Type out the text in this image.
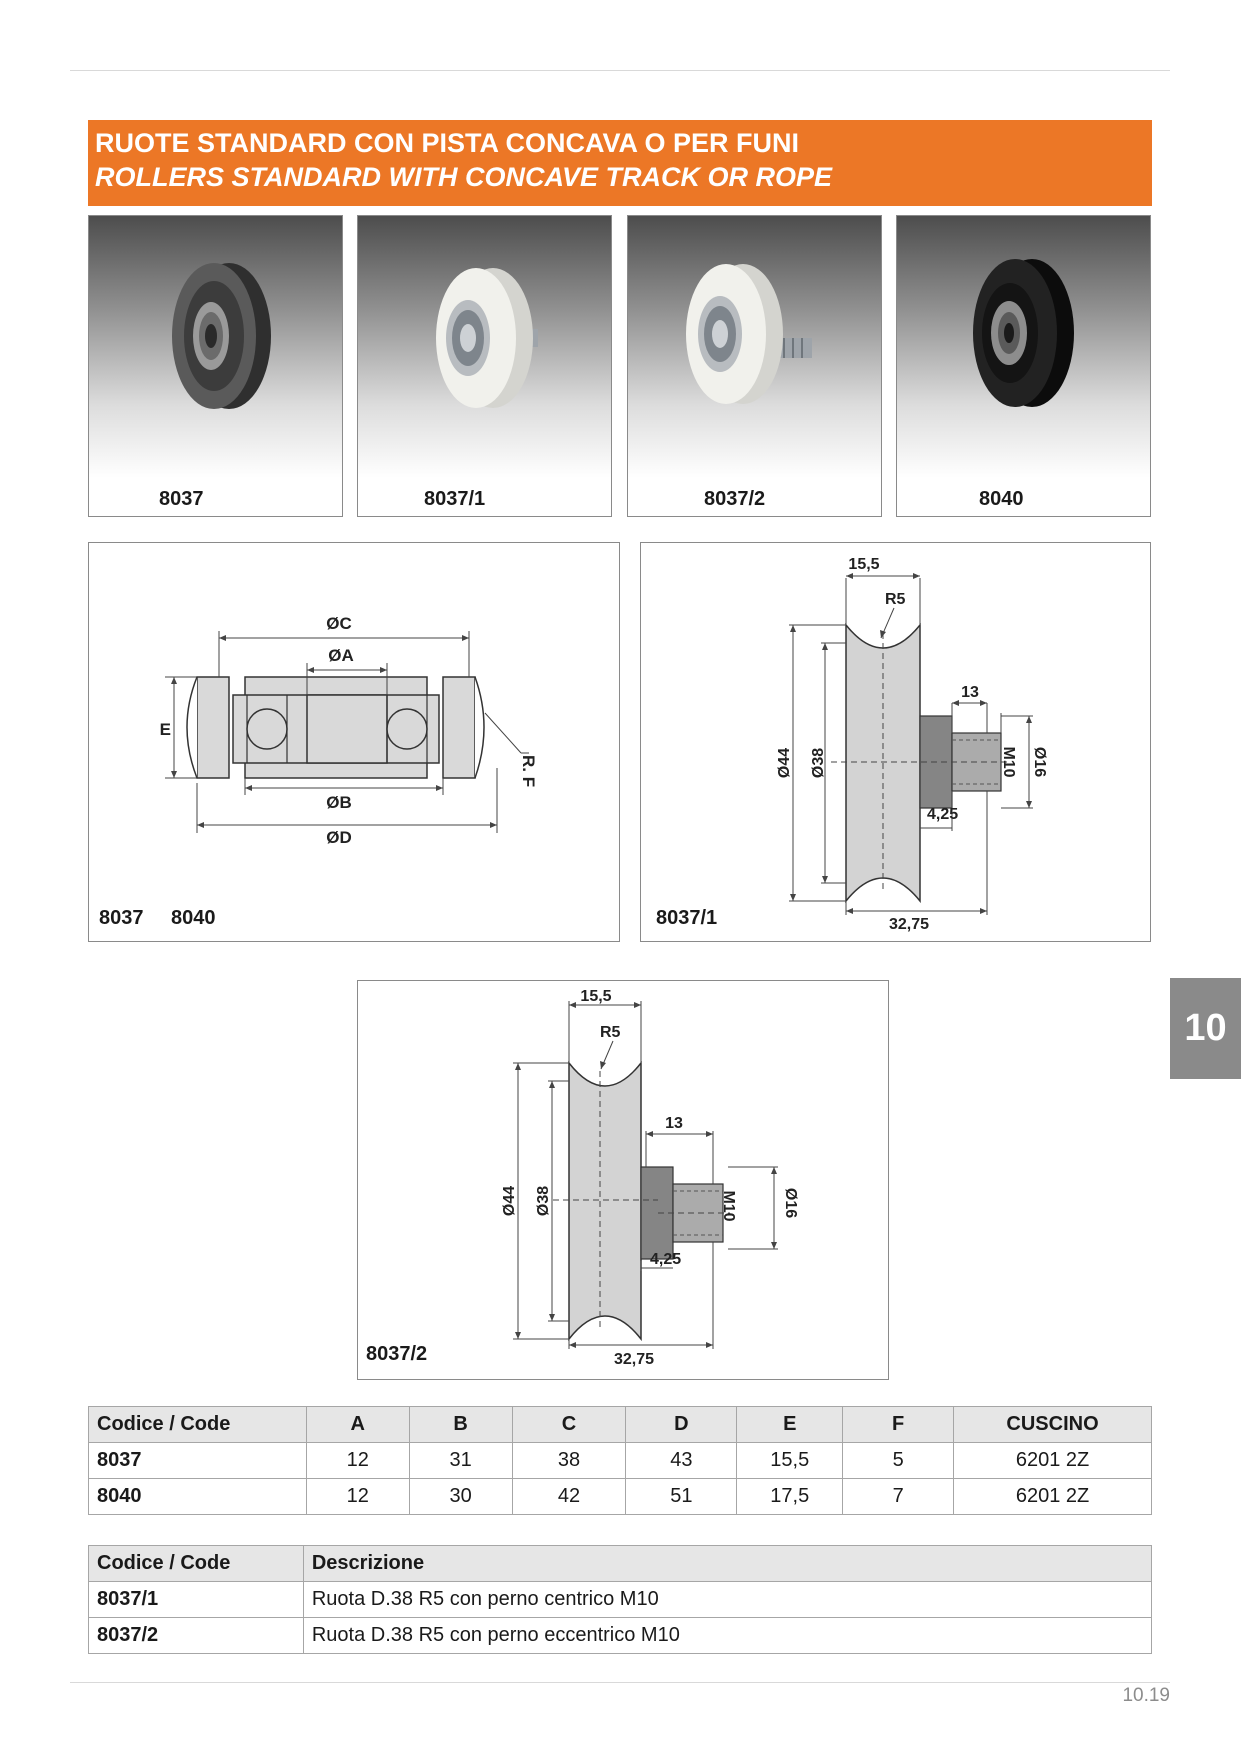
RUOTE STANDARD CON PISTA CONCAVA O PER FUNI
ROLLERS STANDARD WITH CONCAVE TRACK OR ROPE
8037	8037/1	8037/2	8040
ØC
ØA
ØB
ØD
E
R. F
8037 8040
15,5
R5
13
Ø44 Ø38	M10 Ø16
4,25
32,75
8037/1
15,5
R5
13
Ø44 Ø38	M10	Ø16
4,25
32,75
8037/2
10
Codice / Code	A	B	C	D	E	F	CUSCINO
8037	12	31	38	43	15,5	5	6201 2Z
8040	12	30	42	51	17,5	7	6201 2Z
Codice / Code	Descrizione
8037/1	Ruota D.38 R5 con perno centrico M10
8037/2	Ruota D.38 R5 con perno eccentrico M10
10.19
